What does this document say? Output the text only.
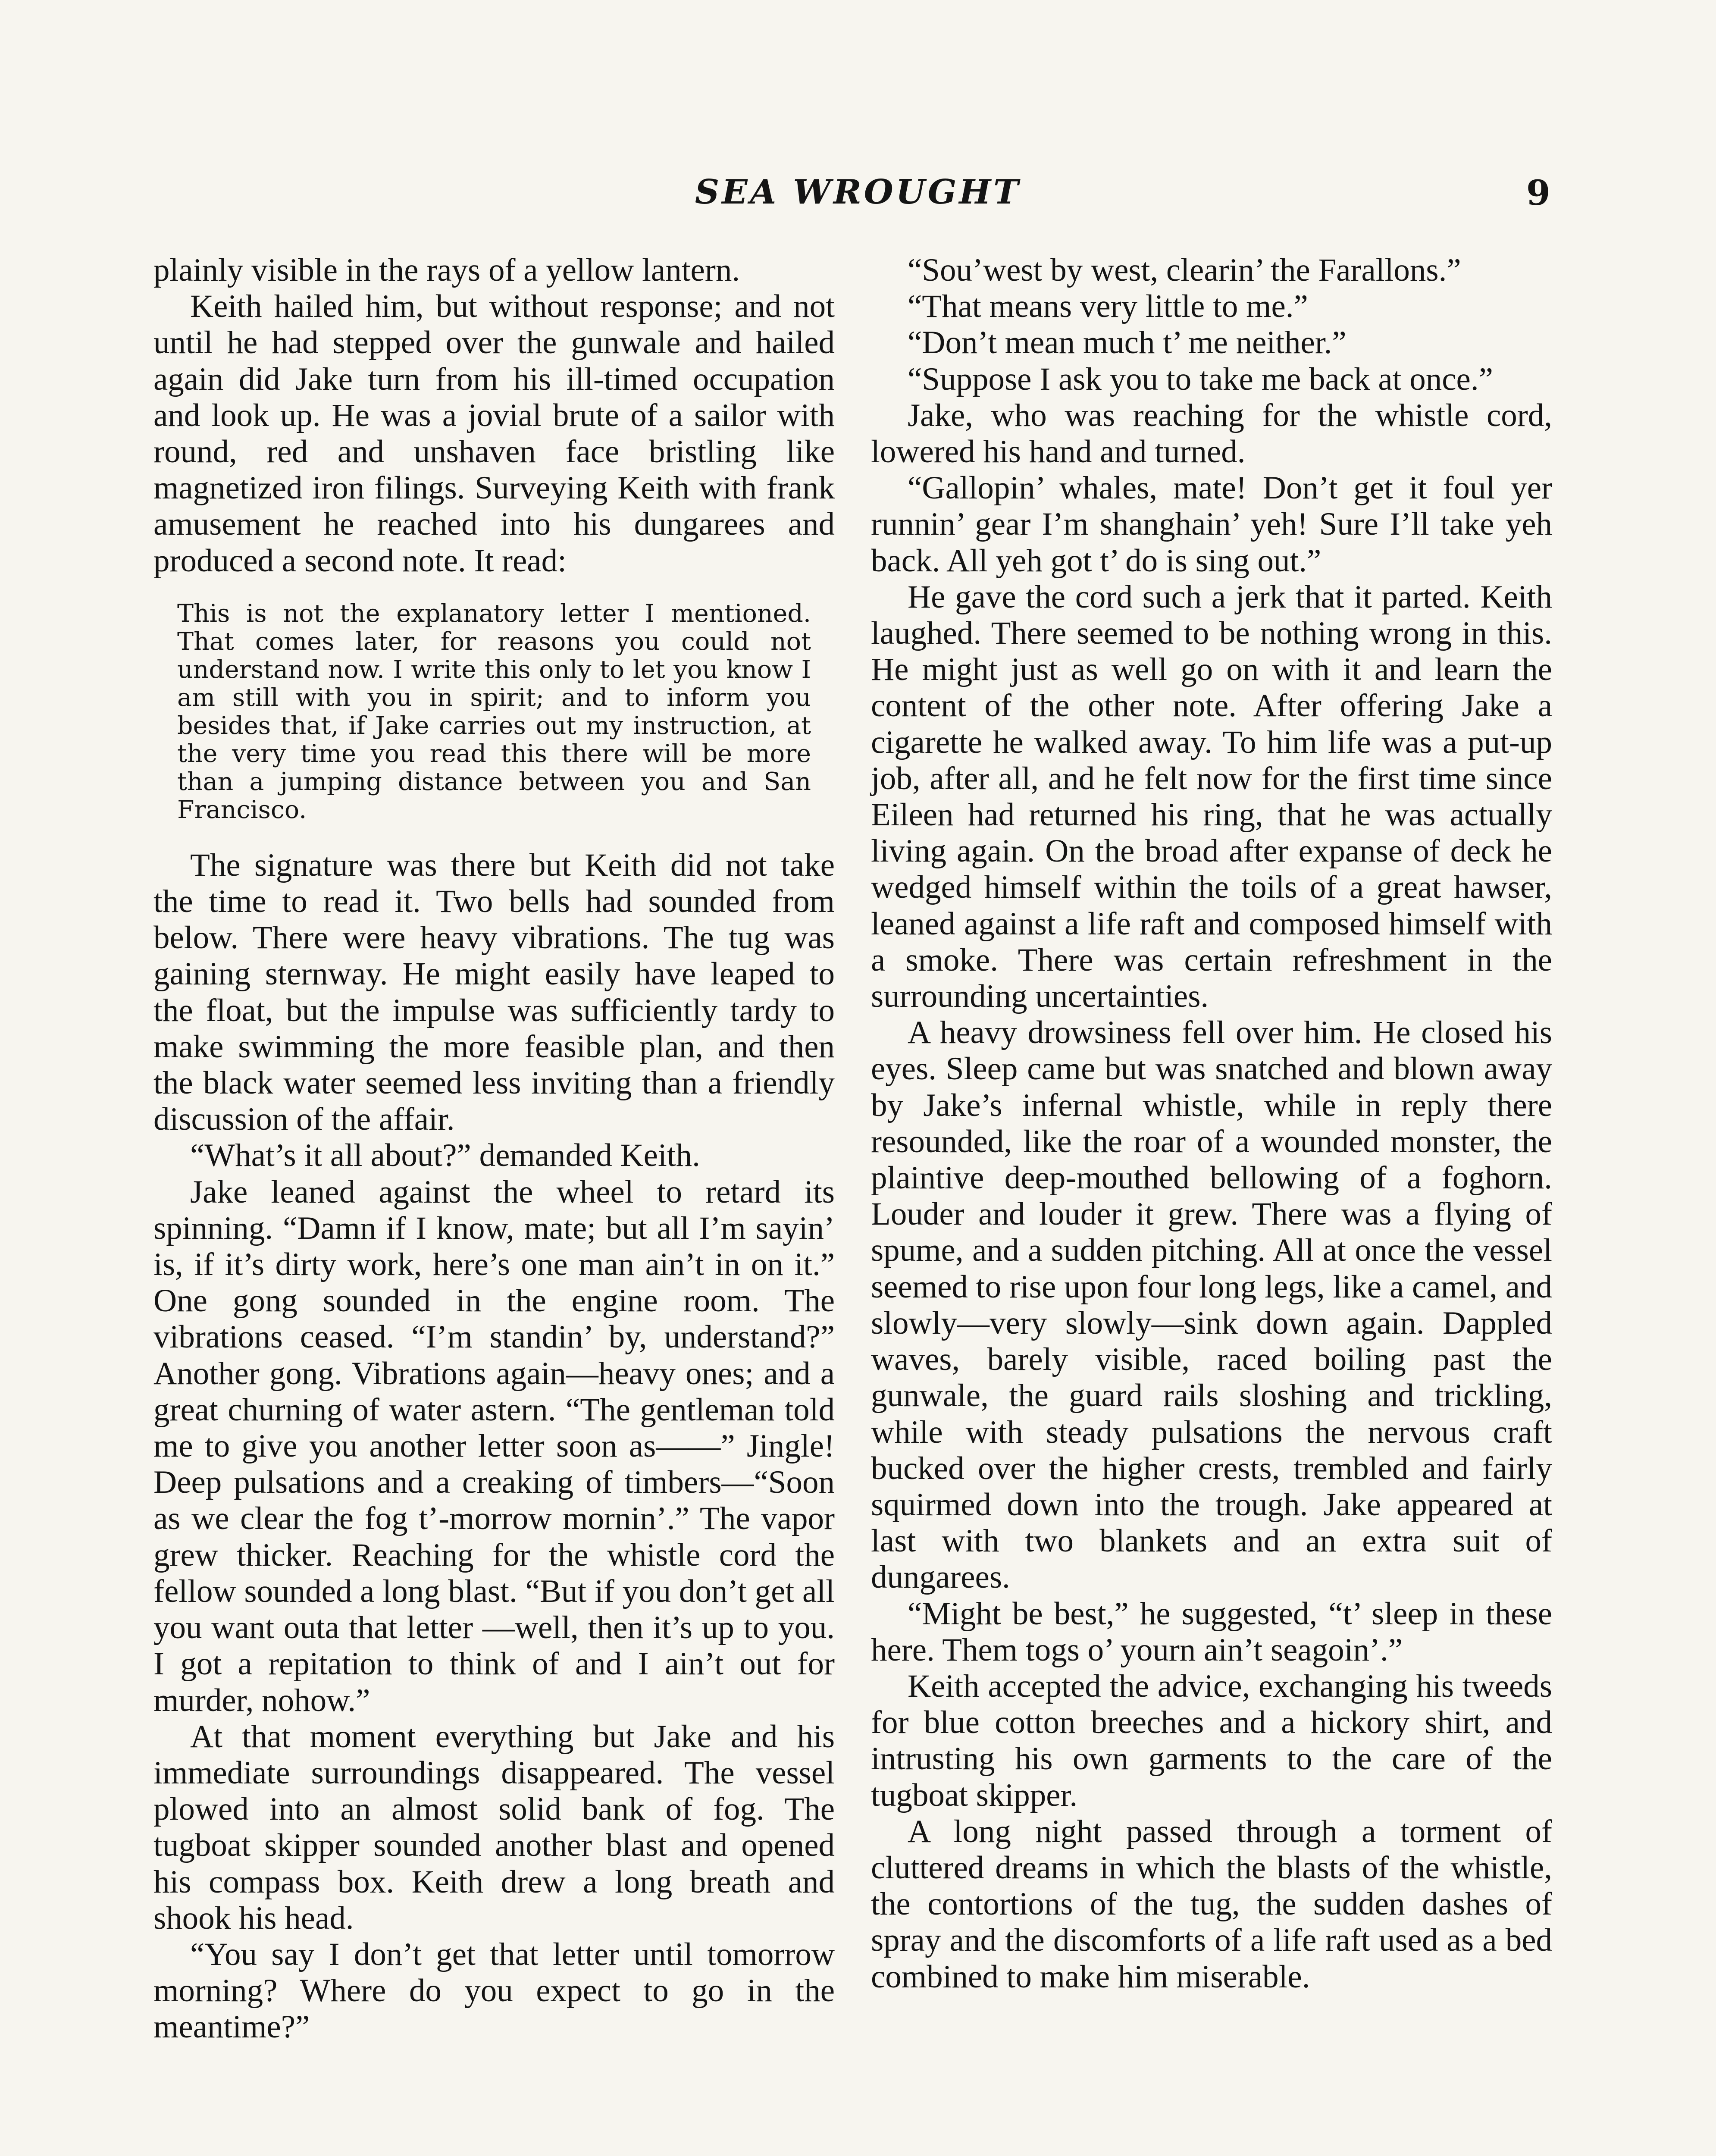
SEA WROUGHT	9

plainly visible in the rays of a yellow lantern.

Keith hailed him, but without response; and not until he had stepped over the gunwale and hailed again did Jake turn from his ill-timed occupation and look up. He was a jovial brute of a sailor with round, red and unshaven face bristling like magnetized iron filings. Surveying Keith with frank amusement he reached into his dungarees and produced a second note. It read:

This is not the explanatory letter I mentioned. That comes later, for reasons you could not understand now. I write this only to let you know I am still with you in spirit; and to inform you besides that, if Jake carries out my instruction, at the very time you read this there will be more than a jumping distance between you and San Francisco.

The signature was there but Keith did not take the time to read it. Two bells had sounded from below. There were heavy vibrations. The tug was gaining sternway. He might easily have leaped to the float, but the impulse was sufficiently tardy to make swimming the more feasible plan, and then the black water seemed less inviting than a friendly discussion of the affair.

“What’s it all about?” demanded Keith.

Jake leaned against the wheel to retard its spinning. “Damn if I know, mate; but all I’m sayin’ is, if it’s dirty work, here’s one man ain’t in on it.” One gong sounded in the engine room. The vibrations ceased. “I’m standin’ by, understand?” Another gong. Vibrations again—heavy ones; and a great churning of water astern. “The gentleman told me to give you another letter soon as——” Jingle! Deep pulsations and a creaking of timbers—“Soon as we clear the fog t’-morrow mornin’.” The vapor grew thicker. Reaching for the whistle cord the fellow sounded a long blast. “But if you don’t get all you want outa that letter —well, then it’s up to you. I got a repitation to think of and I ain’t out for murder, nohow.”

At that moment everything but Jake and his immediate surroundings disappeared. The vessel plowed into an almost solid bank of fog. The tugboat skipper sounded another blast and opened his compass box. Keith drew a long breath and shook his head.

“You say I don’t get that letter until tomorrow morning? Where do you expect to go in the meantime?”

“Sou’west by west, clearin’ the Farallons.”

“That means very little to me.”

“Don’t mean much t’ me neither.”

“Suppose I ask you to take me back at once.”

Jake, who was reaching for the whistle cord, lowered his hand and turned.

“Gallopin’ whales, mate! Don’t get it foul yer runnin’ gear I’m shanghain’ yeh! Sure I’ll take yeh back. All yeh got t’ do is sing out.”

He gave the cord such a jerk that it parted. Keith laughed. There seemed to be nothing wrong in this. He might just as well go on with it and learn the content of the other note. After offering Jake a cigarette he walked away. To him life was a put-up job, after all, and he felt now for the first time since Eileen had returned his ring, that he was actually living again. On the broad after expanse of deck he wedged himself within the toils of a great hawser, leaned against a life raft and composed himself with a smoke. There was certain refreshment in the surrounding uncertainties.

A heavy drowsiness fell over him. He closed his eyes. Sleep came but was snatched and blown away by Jake’s infernal whistle, while in reply there resounded, like the roar of a wounded monster, the plaintive deep-mouthed bellowing of a foghorn. Louder and louder it grew. There was a flying of spume, and a sudden pitching. All at once the vessel seemed to rise upon four long legs, like a camel, and slowly—very slowly—sink down again. Dappled waves, barely visible, raced boiling past the gunwale, the guard rails sloshing and trickling, while with steady pulsations the nervous craft bucked over the higher crests, trembled and fairly squirmed down into the trough. Jake appeared at last with two blankets and an extra suit of dungarees.

“Might be best,” he suggested, “t’ sleep in these here. Them togs o’ yourn ain’t seagoin’.”

Keith accepted the advice, exchanging his tweeds for blue cotton breeches and a hickory shirt, and intrusting his own garments to the care of the tugboat skipper.

A long night passed through a torment of cluttered dreams in which the blasts of the whistle, the contortions of the tug, the sudden dashes of spray and the discomforts of a life raft used as a bed combined to make him miserable.
